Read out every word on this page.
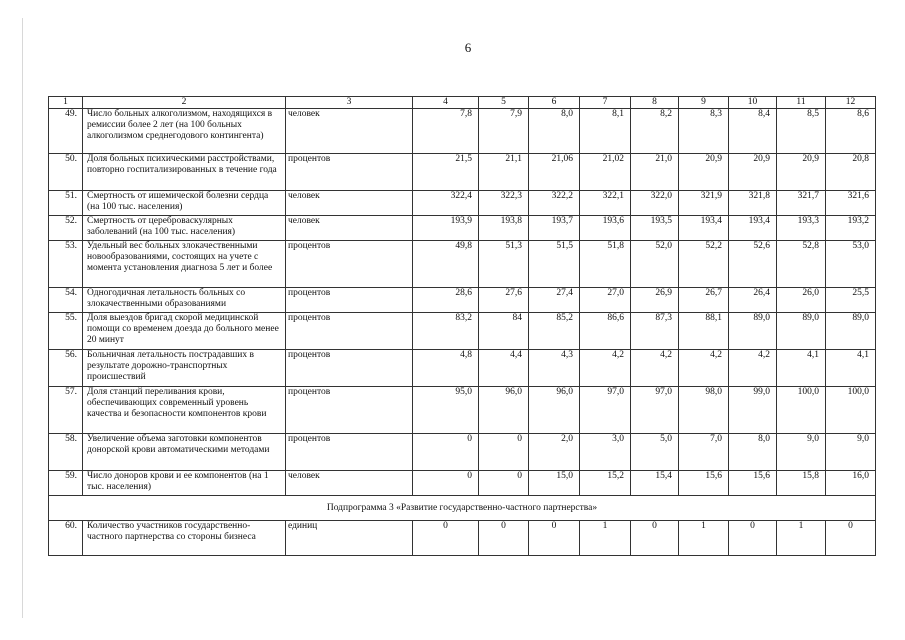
6
1	2	3	4	5	6	7	8	9	10	11	12
49.	Число больных алкоголизмом, находящихся в ремиссии более 2 лет (на 100 больных алкоголизмом среднегодового контингента)	человек	7,8	7,9	8,0	8,1	8,2	8,3	8,4	8,5	8,6
50.	Доля больных психическими расстройствами, повторно госпитализированных в течение года	процентов	21,5	21,1	21,06	21,02	21,0	20,9	20,9	20,9	20,8
51.	Смертность от ишемической болезни сердца (на 100 тыс. населения)	человек	322,4	322,3	322,2	322,1	322,0	321,9	321,8	321,7	321,6
52.	Смертность от цереброваскулярных заболеваний (на 100 тыс. населения)	человек	193,9	193,8	193,7	193,6	193,5	193,4	193,4	193,3	193,2
53.	Удельный вес больных злокачественными новообразованиями, состоящих на учете с момента установления диагноза 5 лет и более	процентов	49,8	51,3	51,5	51,8	52,0	52,2	52,6	52,8	53,0
54.	Одногодичная летальность больных со злокачественными образованиями	процентов	28,6	27,6	27,4	27,0	26,9	26,7	26,4	26,0	25,5
55.	Доля выездов бригад скорой медицинской помощи со временем доезда до больного менее 20 минут	процентов	83,2	84	85,2	86,6	87,3	88,1	89,0	89,0	89,0
56.	Больничная летальность пострадавших в результате дорожно-транспортных происшествий	процентов	4,8	4,4	4,3	4,2	4,2	4,2	4,2	4,1	4,1
57.	Доля станций переливания крови, обеспечивающих современный уровень качества и безопасности компонентов крови	процентов	95,0	96,0	96,0	97,0	97,0	98,0	99,0	100,0	100,0
58.	Увеличение объема заготовки компонентов донорской крови автоматическими методами	процентов	0	0	2,0	3,0	5,0	7,0	8,0	9,0	9,0
59.	Число доноров крови и ее компонентов (на 1 тыс. населения)	человек	0	0	15,0	15,2	15,4	15,6	15,6	15,8	16,0
Подпрограмма 3 «Развитие государственно-частного партнерства»											
60.	Количество участников государственно-частного партнерства со стороны бизнеса	единиц	0	0	0	1	0	1	0	1	0
